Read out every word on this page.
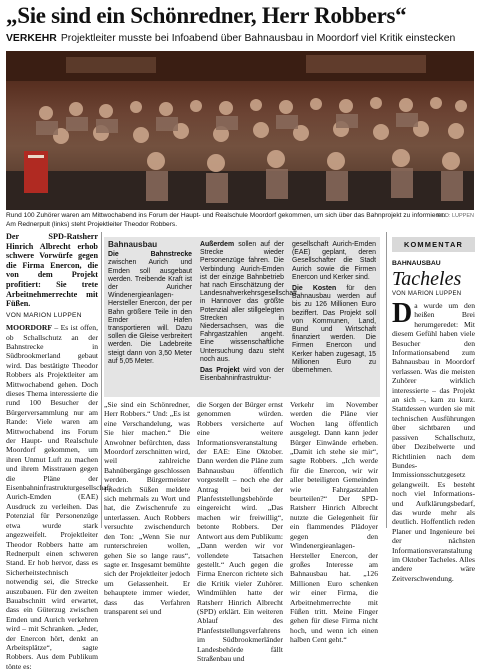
„Sie sind ein Schönredner, Herr Robbers“
VERKEHR Projektleiter musste bei Infoabend über Bahnausbau in Moordorf viel Kritik einstecken
Rund 100 Zuhörer waren am Mittwochabend ins Forum der Haupt- und Realschule Moordorf gekommen, um sich über das Bahnprojekt zu informieren.
Am Rednerpult (links) steht Projektleiter Theodor Robbers.
BILD: LUPPEN
Der SPD-Ratsherr Hinrich Albrecht erhob schwere Vorwürfe gegen die Firma Enercon, die von dem Projekt profitiert: Sie trete Arbeitnehmerrechte mit Füßen.
VON MARION LUPPEN
MOORDORF – Es ist offen, ob Schallschutz an der Bahnstrecke in Südbrookmerland gebaut wird. Das bestätigte Theodor Robbers als Projektleiter am Mittwochabend gehen. Doch dieses Thema interessierte die rund 100 Besucher der Bürgerversammlung nur am Rande: Viele waren am Mittwochabend ins Forum der Haupt- und Realschule Moordorf gekommen, um ihren Unmut Luft zu machen und ihrem Misstrauen gegen die Pläne der Eisenbahninfrastrukturgesellschaft Aurich-Emden (EAE) Ausdruck zu verleihen. Das Potenzial für Personenzüge etwa wurde stark angezweifelt. Projektleiter Theodor Robbers hatte am Rednerpult einen schweren Stand. Er hob hervor, dass es Sicherheitstechnisch notwendig sei, die Strecke auszubauen. Für den zweiten Bauabschnitt wird erwartet, dass ein Güterzug zwischen Emden und Aurich verkehren wird – mit Schranken. „Jeder, der Enercon hört, denkt an Arbeitsplätze“, sagte Robbers. Aus dem Publikum tönte es:
Bahnausbau
Die Bahnstrecke zwischen Aurich und Emden soll ausgebaut werden. Treibende Kraft ist der Auricher Windenergieanlagen-Hersteller Enercon, der per Bahn größere Teile in den Emder Hafen transportieren will. Dazu sollen die Gleise verbreitert werden. Die Ladebreite steigt dann von 3,50 Meter auf 5,05 Meter.
Außerdem sollen auf der Strecke wieder Personenzüge fahren. Die Verbindung Aurich-Emden ist der einzige Bahnbetrieb hat nach Einschätzung der Landesnahverkehrsgesellschaft in Hannover das größte Potenzial aller stillgelegten Strecken in Niedersachsen, was die Fahrgastzahlen angeht. Eine wissenschaftliche Untersuchung dazu steht noch aus.
Das Projekt wird von der Eisenbahninfrastruktur-
gesellschaft Aurich-Emden (EAE) geplant, deren Gesellschafter die Stadt Aurich sowie die Firmen Enercon und Kerker sind.
Die Kosten für den Bahnausbau werden auf bis zu 126 Millionen Euro beziffert. Das Projekt soll von Kommunen, Land, Bund und Wirtschaft finanziert werden. Die Firmen Enercon und Kerker haben zugesagt, 15 Millionen Euro zu übernehmen.
„Sie sind ein Schönredner, Herr Robbers.“ Und: „Es ist eine Verschandelung, was Sie hier machen.“ Die Anwohner befürchten, dass Moordorf zerschnitten wird, weil zahlreiche Bahnübergänge geschlossen werden. Bürgermeister Friedrich Süßen meldete sich mehrmals zu Wort und hat, die Zwischenrufe zu unterlassen. Auch Robbers versuchte zwischendurch den Ton: „Wenn Sie nur runterschreien wollen, gehen Sie so lange raus“, sagte er. Insgesamt bemühte sich der Projektleiter jedoch um Gelassenheit. Er behauptete immer wieder, dass das Verfahren transparent sei und
die Sorgen der Bürger ernst genommen würden. Robbers versicherte auf eine weitere Informationsveranstaltung der EAE: Eine Oktober. Dann werden die Pläne zum Bahnausbau öffentlich vorgestellt – noch ehe der Antrag bei der Planfeststellungsbehörde eingereicht wird. „Das machen wir freiwillig“, betonte Robbers. Der Antwort aus dem Publikum: „Dann werden wir vor vollendete Tatsachen gestellt.“ Auch gegen die Firma Enercon richtete sich die Kritik vieler Zuhörer. Windmühlen hatte der Ratsherr Hinrich Albrecht (SPD) erklärt. Ein weiteren Ablauf des Planfeststellungsverfahrens im Südbrookmerländer Landesbehörde fällt Straßenbau und
Verkehr im November werden die Pläne vier Wochen lang öffentlich ausgelegt. Dann kann jeder Bürger Einwände erheben. „Damit ich stehe sie mir“, sagte Robbers. „Ich werde für die Enercon, wir wir aller beteiligten Gemeinden wie Fahrgastzahlen beurteilen?“ Der SPD-Ratsherr Hinrich Albrecht nutzte die Gelegenheit für ein flammendes Plädoyer gegen den Windenergieanlagen-Hersteller Enercon, der großes Interesse am Bahnausbau hat. „126 Millionen Euro schenken wir einer Firma, die Arbeitnehmerrechte mit Füßen tritt. Meine Finger gehen für diese Firma nicht hoch, und wenn ich einen halben Cent geht.“
KOMMENTAR
BAHNAUSBAU
Tacheles
VON MARION LUPPEN
Da wurde um den heißen Brei herumgeredet: Mit diesem Gefühl haben viele Besucher den Informationsabend zum Bahnausbau in Moordorf verlassen. Was die meisten Zuhörer wirklich interessierte – das Projekt an sich –, kam zu kurz. Stattdessen wurden sie mit technischen Ausführungen über sichtbaren und passiven Schallschutz, über Dezibelwerte und Richtlinien nach dem Bundes-Immissionsschutzgesetz gelangweilt. Es besteht noch viel Informations- und Aufklärungsbedarf, das wurde mehr als deutlich. Hoffentlich reden Planer und Ingenieure bei der nächsten Informationsveranstaltung im Oktober Tacheles. Alles andere wäre Zeitverschwendung.
